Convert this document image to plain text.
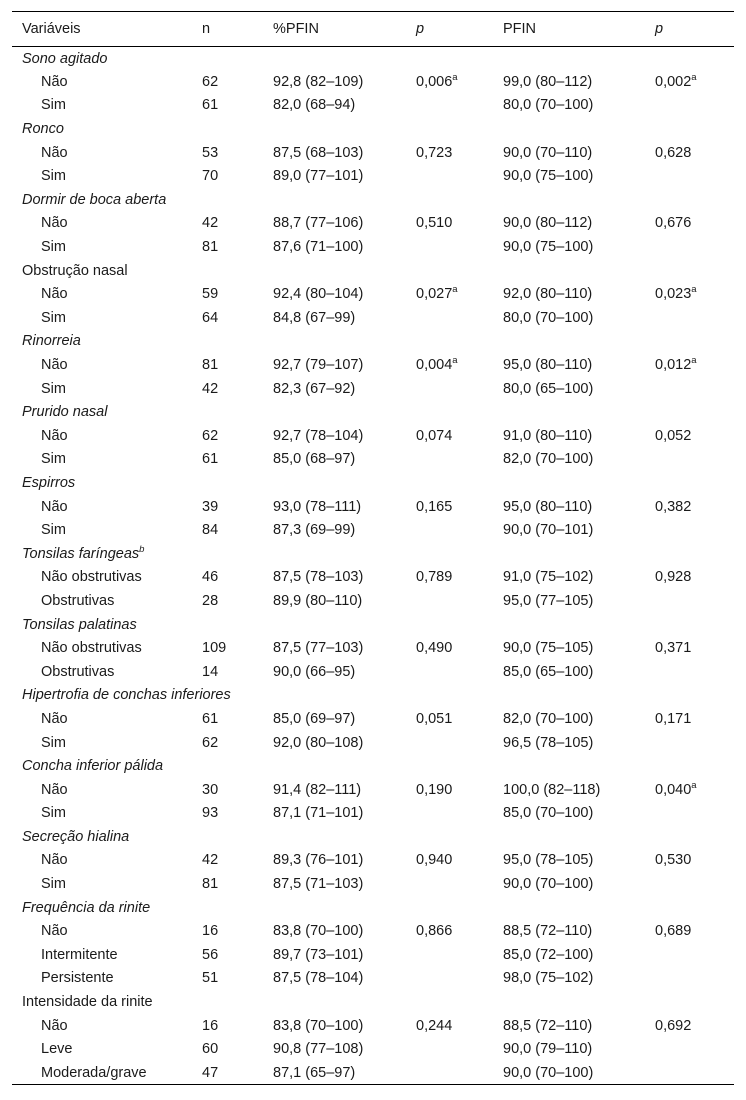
Variáveis	n	%PFIN	p	PFIN	p
Sono agitado					
Não	62	92,8 (82–109)	0,006$^a$	99,0 (80–112)	0,002$^a$
Sim	61	82,0 (68–94)		80,0 (70–100)	
Ronco					
Não	53	87,5 (68–103)	0,723	90,0 (70–110)	0,628
Sim	70	89,0 (77–101)		90,0 (75–100)	
Dormir de boca aberta					
Não	42	88,7 (77–106)	0,510	90,0 (80–112)	0,676
Sim	81	87,6 (71–100)		90,0 (75–100)	
Obstrução nasal					
Não	59	92,4 (80–104)	0,027$^a$	92,0 (80–110)	0,023$^a$
Sim	64	84,8 (67–99)		80,0 (70–100)	
Rinorreia					
Não	81	92,7 (79–107)	0,004$^a$	95,0 (80–110)	0,012$^a$
Sim	42	82,3 (67–92)		80,0 (65–100)	
Prurido nasal					
Não	62	92,7 (78–104)	0,074	91,0 (80–110)	0,052
Sim	61	85,0 (68–97)		82,0 (70–100)	
Espirros					
Não	39	93,0 (78–111)	0,165	95,0 (80–110)	0,382
Sim	84	87,3 (69–99)		90,0 (70–101)	
Tonsilas faríngeas$^b$
Não obstrutivas	46	87,5 (78–103)	0,789	91,0 (75–102)	0,928
Obstrutivas	28	89,9 (80–110)		95,0 (77–105)	
Tonsilas palatinas					
Não obstrutivas	109	87,5 (77–103)	0,490	90,0 (75–105)	0,371
Obstrutivas	14	90,0 (66–95)		85,0 (65–100)	
Hipertrofia de conchas inferiores					
Não	61	85,0 (69–97)	0,051	82,0 (70–100)	0,171
Sim	62	92,0 (80–108)		96,5 (78–105)	
Concha inferior pálida					
Não	30	91,4 (82–111)	0,190	100,0 (82–118)	0,040$^a$
Sim	93	87,1 (71–101)		85,0 (70–100)	
Secreção hialina					
Não	42	89,3 (76–101)	0,940	95,0 (78–105)	0,530
Sim	81	87,5 (71–103)		90,0 (70–100)	
Frequência da rinite					
Não	16	83,8 (70–100)	0,866	88,5 (72–110)	0,689
Intermitente	56	89,7 (73–101)		85,0 (72–100)	
Persistente	51	87,5 (78–104)		98,0 (75–102)	
Intensidade da rinite					
Não	16	83,8 (70–100)	0,244	88,5 (72–110)	0,692
Leve	60	90,8 (77–108)		90,0 (79–110)	
Moderada/grave	47	87,1 (65–97)		90,0 (70–100)	
